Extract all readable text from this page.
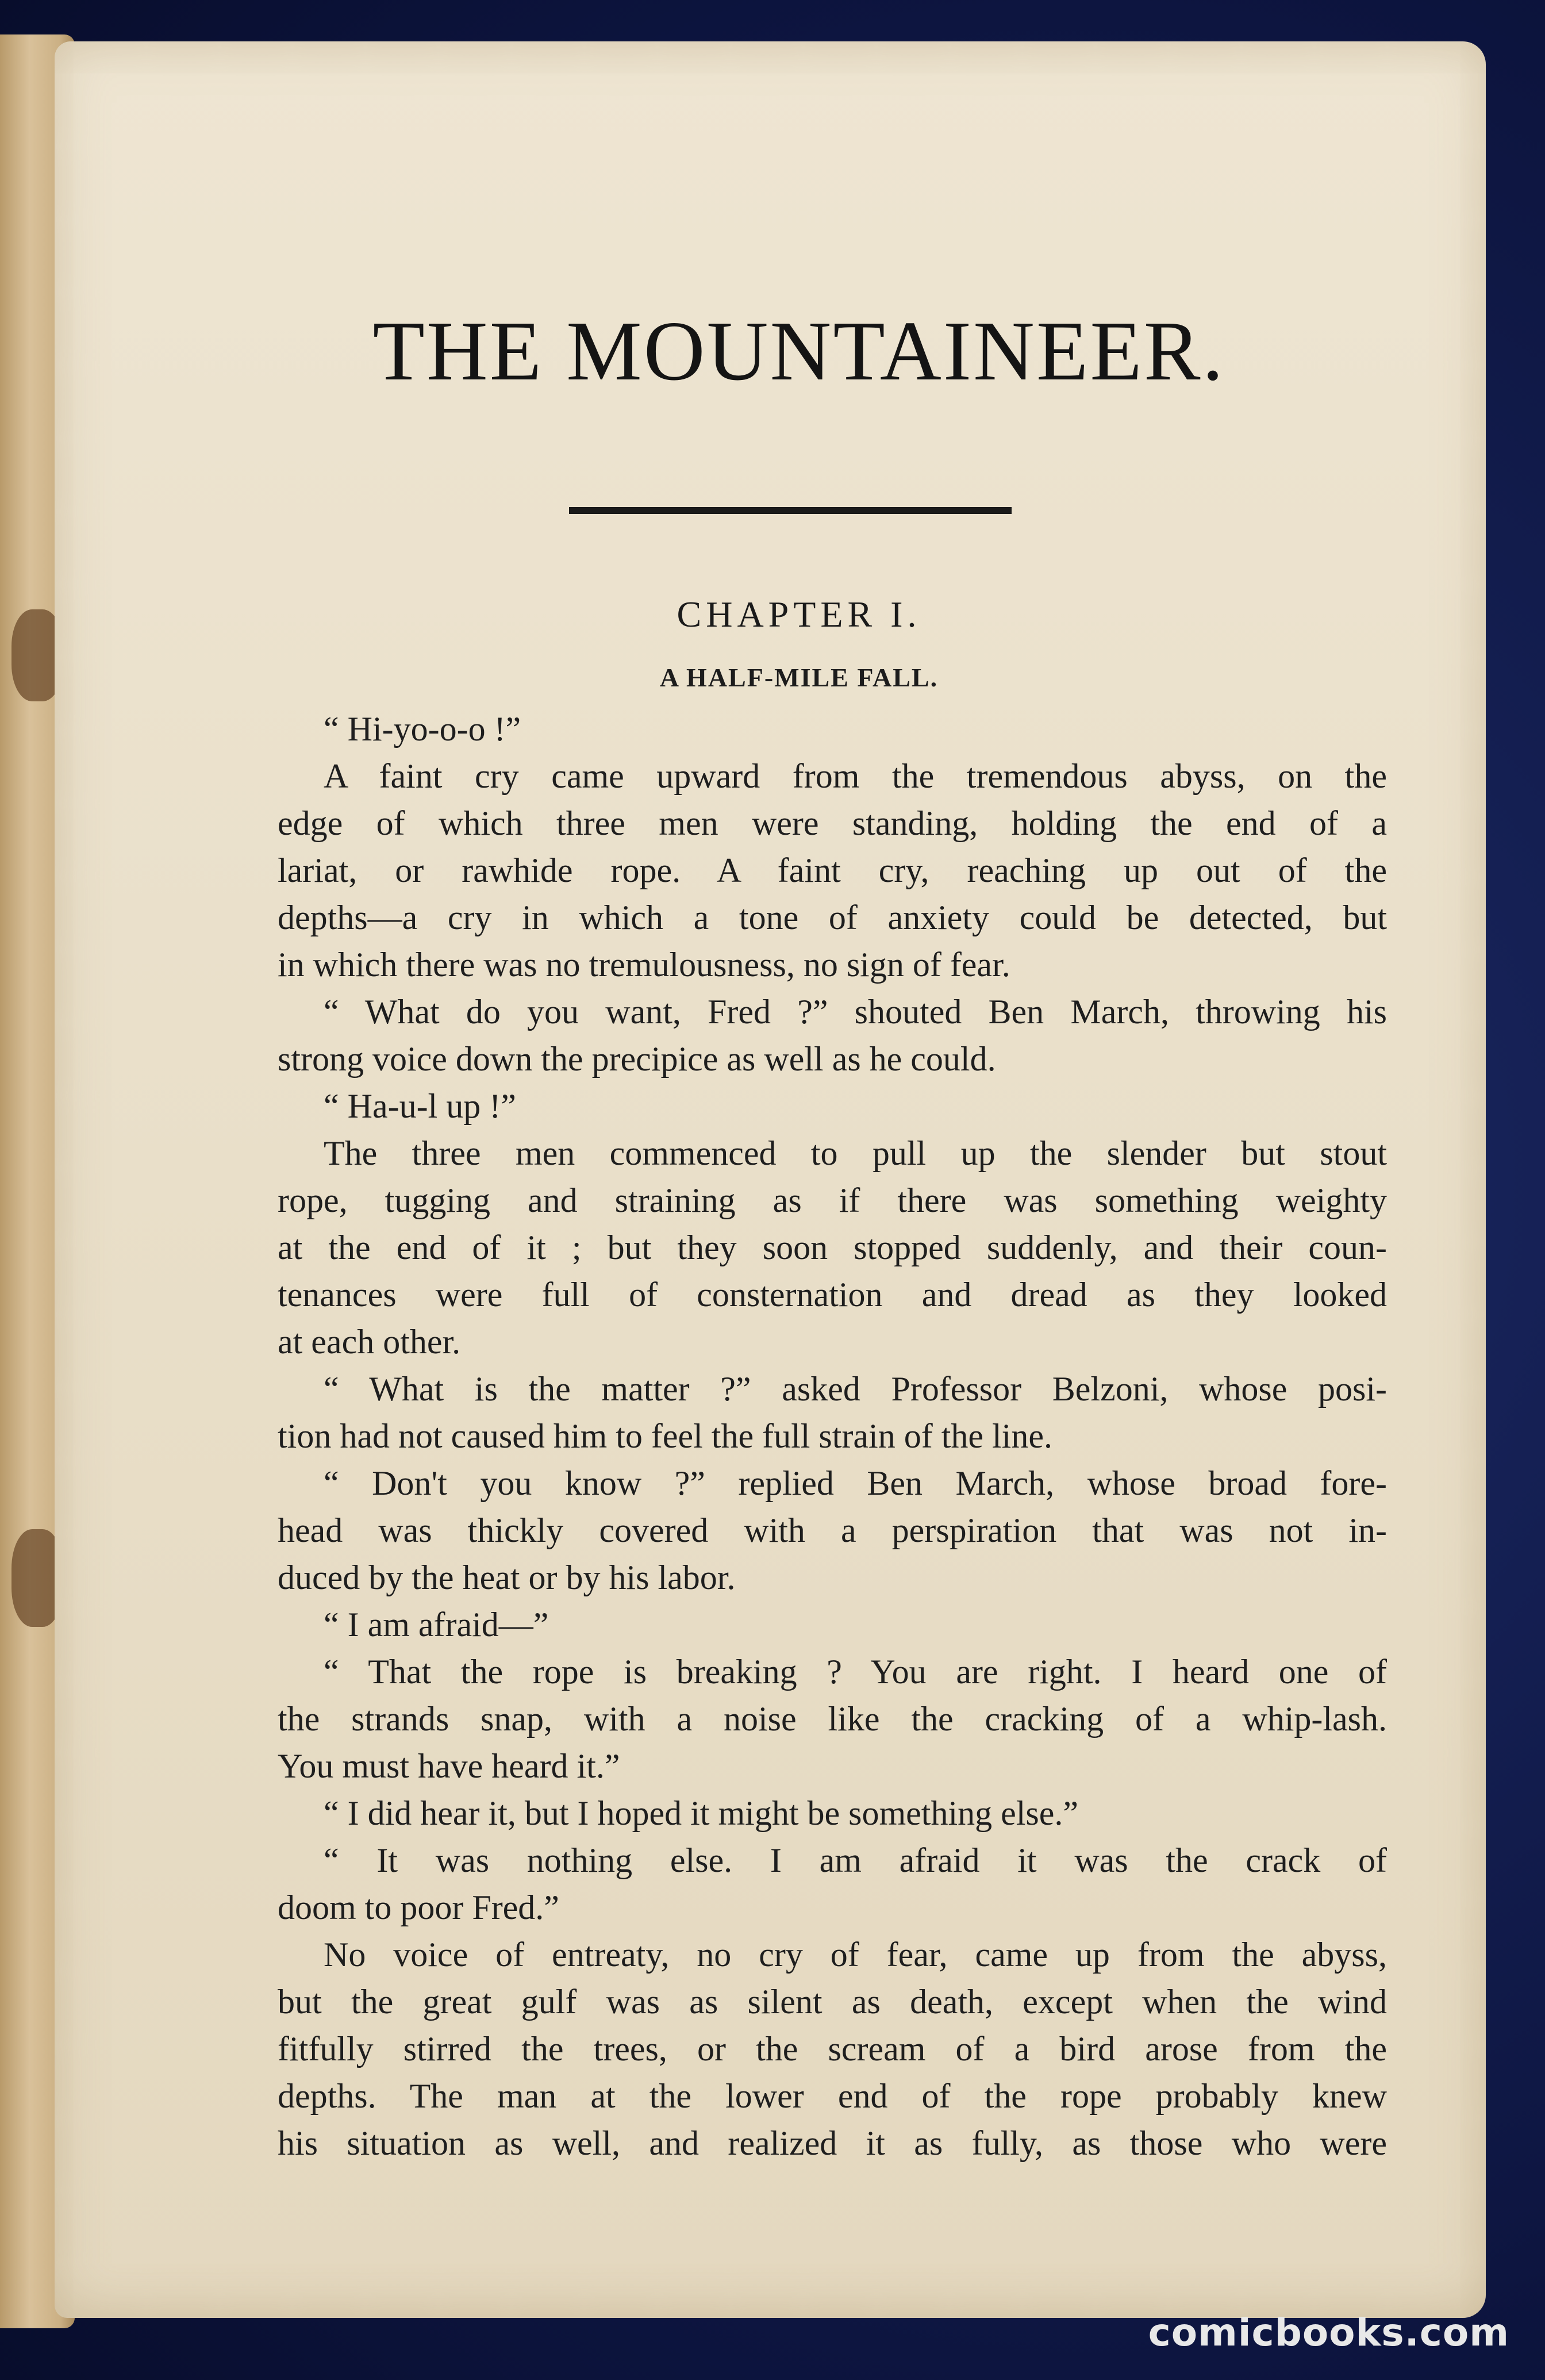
THE MOUNTAINEER.
CHAPTER I.
A HALF-MILE FALL.
“ Hi-yo-o-o !”
A faint cry came upward from the tremendous abyss, on the
edge of which three men were standing, holding the end of a
lariat, or rawhide rope. A faint cry, reaching up out of the
depths—a cry in which a tone of anxiety could be detected, but
in which there was no tremulousness, no sign of fear.
“ What do you want, Fred ?” shouted Ben March, throwing his
strong voice down the precipice as well as he could.
“ Ha-u-l up !”
The three men commenced to pull up the slender but stout
rope, tugging and straining as if there was something weighty
at the end of it ; but they soon stopped suddenly, and their coun-
tenances were full of consternation and dread as they looked
at each other.
“ What is the matter ?” asked Professor Belzoni, whose posi-
tion had not caused him to feel the full strain of the line.
“ Don't you know ?” replied Ben March, whose broad fore-
head was thickly covered with a perspiration that was not in-
duced by the heat or by his labor.
“ I am afraid—”
“ That the rope is breaking ? You are right. I heard one of
the strands snap, with a noise like the cracking of a whip-lash.
You must have heard it.”
“ I did hear it, but I hoped it might be something else.”
“ It was nothing else. I am afraid it was the crack of
doom to poor Fred.”
No voice of entreaty, no cry of fear, came up from the abyss,
but the great gulf was as silent as death, except when the wind
fitfully stirred the trees, or the scream of a bird arose from the
depths. The man at the lower end of the rope probably knew
his situation as well, and realized it as fully, as those who were
comicbooks.com
